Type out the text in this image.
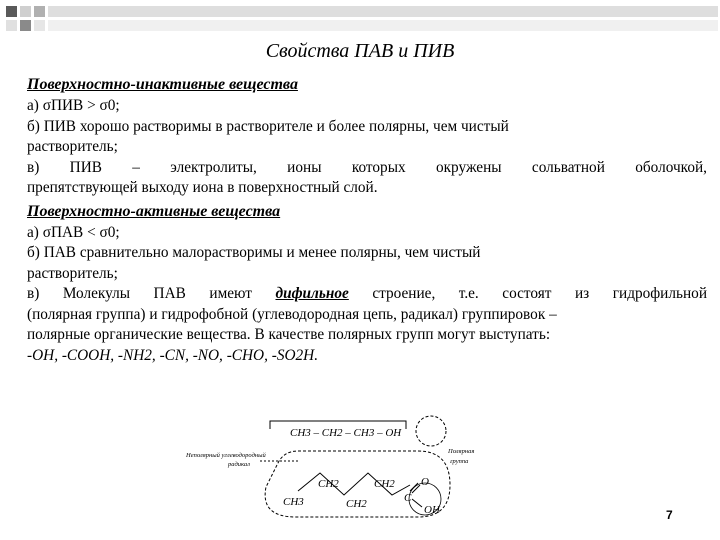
Свойства ПАВ и ПИВ

Поверхностно-инактивные вещества

а) σПИВ > σ0;

б) ПИВ хорошо растворимы в растворителе и более полярны, чем чистый

растворитель;

в) ПИВ – электролиты, ионы которых окружены сольватной оболочкой,

препятствующей выходу иона в поверхностный слой.

Поверхностно-активные вещества

а) σПАВ < σ0;

б) ПАВ сравнительно малорастворимы и менее полярны, чем чистый

растворитель;

в) Молекулы ПАВ имеют дифильное строение, т.е. состоят из гидрофильной

(полярная группа) и гидрофобной (углеводородная цепь, радикал) группировок –

полярные органические вещества. В качестве полярных групп могут выступать:

-OH, -COOH, -NH2, -CN, -NO, -CHO, -SO2H.

CH3 – CH2 – CH3 – OH
Неполярный углеводородный
радикал
Полярная
группа
CH3
CH2
CH2
CH2
C
O
OH	7
